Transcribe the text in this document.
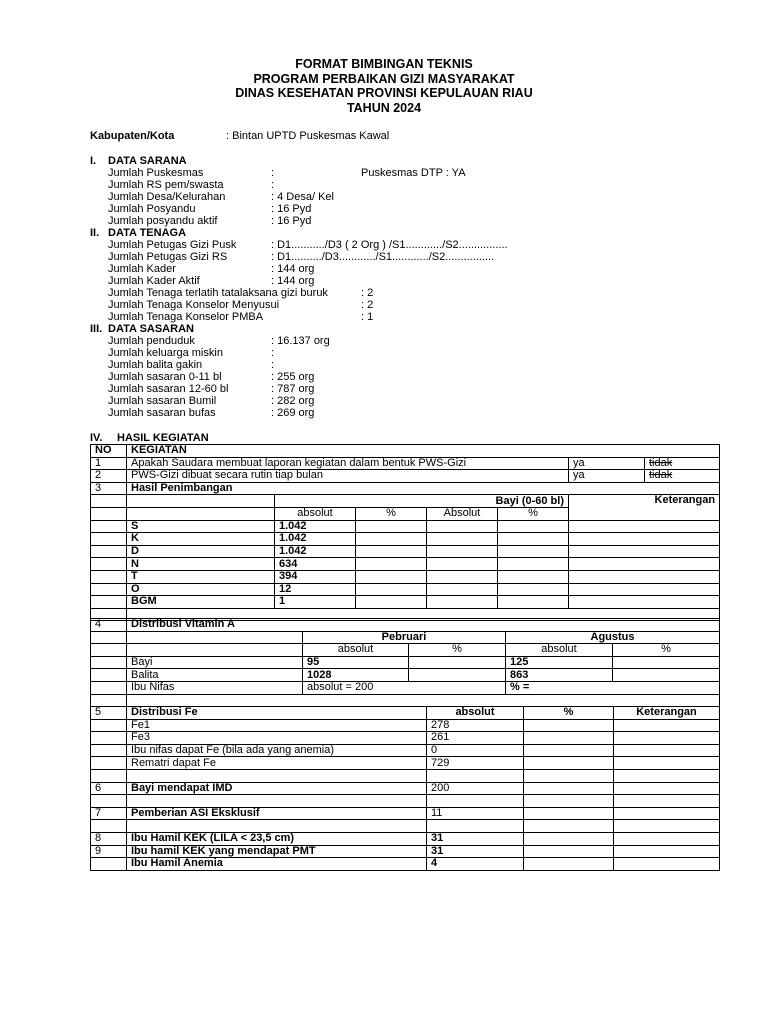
FORMAT BIMBINGAN TEKNIS
PROGRAM PERBAIKAN GIZI MASYARAKAT
DINAS KESEHATAN PROVINSI KEPULAUAN RIAU
TAHUN 2024
Kabupaten/Kota	: Bintan UPTD Puskesmas Kawal
I. DATA SARANA
Jumlah Puskesmas	:	Puskesmas DTP : YA
Jumlah RS pem/swasta	:
Jumlah Desa/Kelurahan	: 4 Desa/ Kel
Jumlah Posyandu	: 16 Pyd
Jumlah posyandu aktif	: 16 Pyd
II. DATA TENAGA
Jumlah Petugas Gizi Pusk	: D1.........../D3 ( 2 Org ) /S1............/S2................
Jumlah Petugas Gizi RS	: D1........../D3............/S1............/S2................
Jumlah Kader	: 144 org
Jumlah Kader Aktif	: 144 org
Jumlah Tenaga terlatih tatalaksana gizi buruk	: 2
Jumlah Tenaga Konselor Menyusui	: 2
Jumlah Tenaga Konselor PMBA	: 1
III. DATA SASARAN
Jumlah penduduk	: 16.137 org
Jumlah keluarga miskin	:
Jumlah balita gakin	:
Jumlah sasaran 0-11 bl	: 255 org
Jumlah sasaran 12-60 bl	: 787 org
Jumlah sasaran Bumil	: 282 org
Jumlah sasaran bufas	: 269 org
IV. HASIL KEGIATAN
NO	KEGIATAN						
1	Apakah Saudara membuat laporan kegiatan dalam bentuk PWS-Gizi					ya	tidak
2	PWS-Gizi dibuat secara rutin tiap bulan					ya	tidak
3	Hasil Penimbangan						
		Bayi (0-60 bl)				Keterangan	
		absolut	%	Absolut	%		
	S	1.042					
	K	1.042					
	D	1.042					
	N	634					
	T	394					
	O	12					
	BGM	1					

4	Distribusi Vitamin A				
		Pebruari		Agustus	
		absolut	%	absolut	%
	Bayi	95		125	
	Balita	1028		863	
	Ibu Nifas	absolut = 200		% =	

5	Distribusi Fe	absolut	%	Keterangan
	Fe1	278		
	Fe3	261		
	Ibu nifas dapat Fe (bila ada yang anemia)	0		
	Rematri dapat Fe	729		

6	Bayi mendapat IMD	200		

7	Pemberian ASI Eksklusif	11		

8	Ibu Hamil KEK (LILA < 23,5 cm)	31		
9	Ibu hamil KEK yang mendapat PMT	31		
	Ibu Hamil Anemia	4		
